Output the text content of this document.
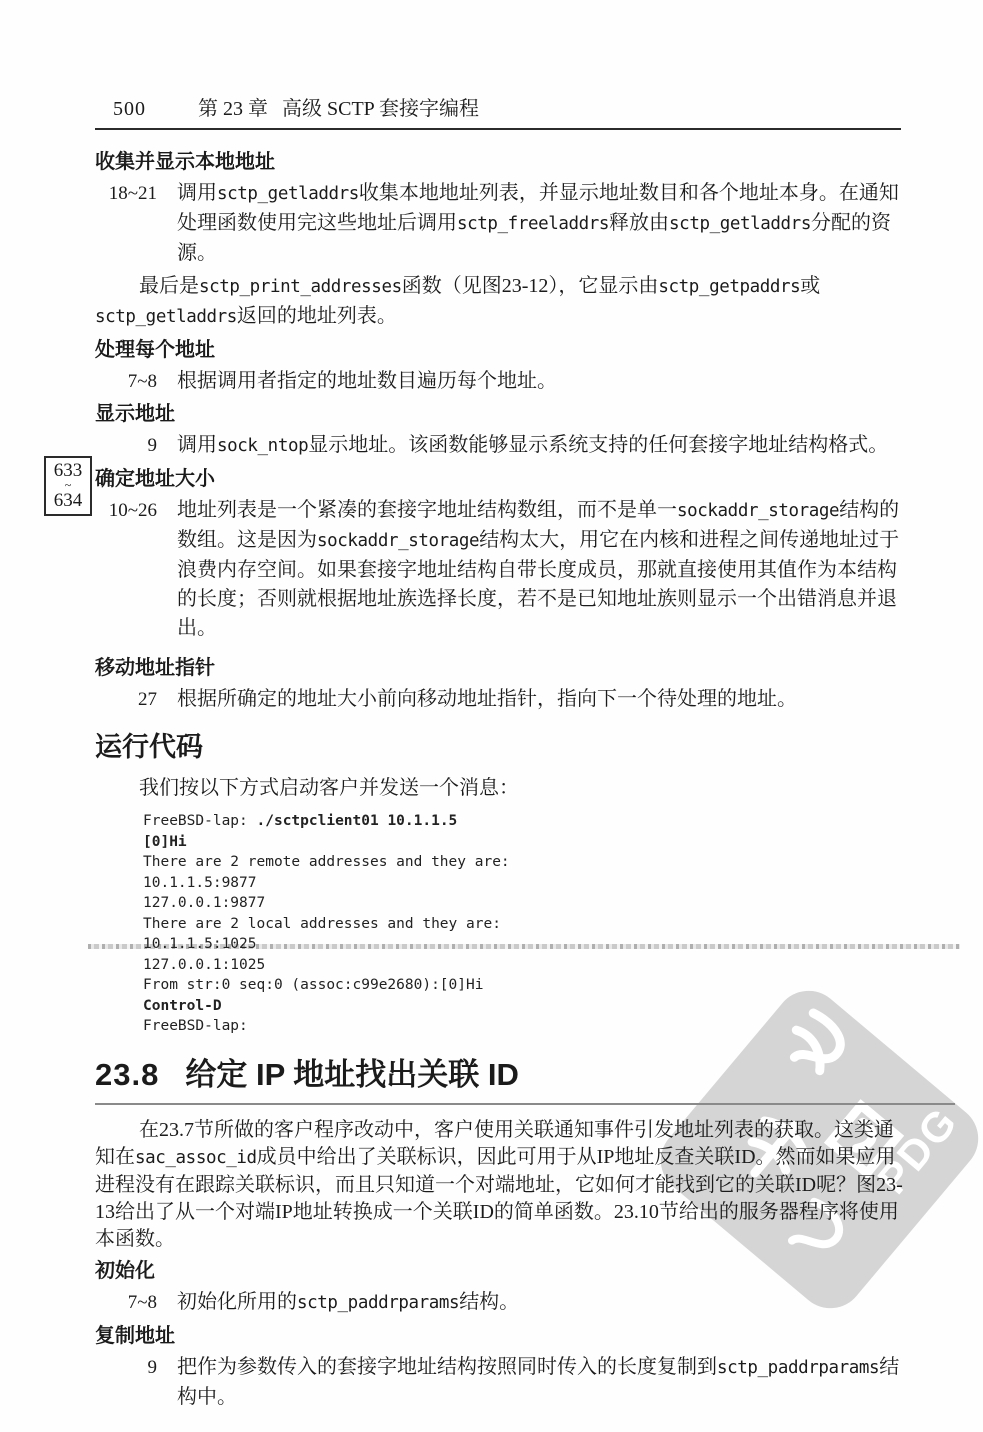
500	第 23 章 高级 SCTP 套接字编程
633
~
634
PDG

收集并显示本地地址

18~21	调用sctp_getladdrs收集本地地址列表，并显示地址数目和各个地址本身。在通知处理函数使用完这些地址后调用sctp_freeladdrs释放由sctp_getladdrs分配的资源。

最后是sctp_print_addresses函数（见图23-12），它显示由sctp_getpaddrs或sctp_getladdrs返回的地址列表。

处理每个地址

7~8	根据调用者指定的地址数目遍历每个地址。

显示地址

9	调用sock_ntop显示地址。该函数能够显示系统支持的任何套接字地址结构格式。

确定地址大小

10~26	地址列表是一个紧凑的套接字地址结构数组，而不是单一sockaddr_storage结构的数组。这是因为sockaddr_storage结构太大，用它在内核和进程之间传递地址过于浪费内存空间。如果套接字地址结构自带长度成员，那就直接使用其值作为本结构的长度；否则就根据地址族选择长度，若不是已知地址族则显示一个出错消息并退出。

移动地址指针

27	根据所确定的地址大小前向移动地址指针，指向下一个待处理的地址。

运行代码

我们按以下方式启动客户并发送一个消息：

FreeBSD-lap: ./sctpclient01 10.1.1.5
[0]Hi
There are 2 remote addresses and they are:
10.1.1.5:9877
127.0.0.1:9877
There are 2 local addresses and they are:
10.1.1.5:1025
127.0.0.1:1025
From str:0 seq:0 (assoc:c99e2680):[0]Hi
Control-D
FreeBSD-lap:
23.8 给定 IP 地址找出关联 ID

在23.7节所做的客户程序改动中，客户使用关联通知事件引发地址列表的获取。这类通知在sac_assoc_id成员中给出了关联标识，因此可用于从IP地址反查关联ID。然而如果应用进程没有在跟踪关联标识，而且只知道一个对端地址，它如何才能找到它的关联ID呢？图23-13给出了从一个对端IP地址转换成一个关联ID的简单函数。23.10节给出的服务器程序将使用本函数。

初始化

7~8	初始化所用的sctp_paddrparams结构。

复制地址

9	把作为参数传入的套接字地址结构按照同时传入的长度复制到sctp_paddrparams结构中。
